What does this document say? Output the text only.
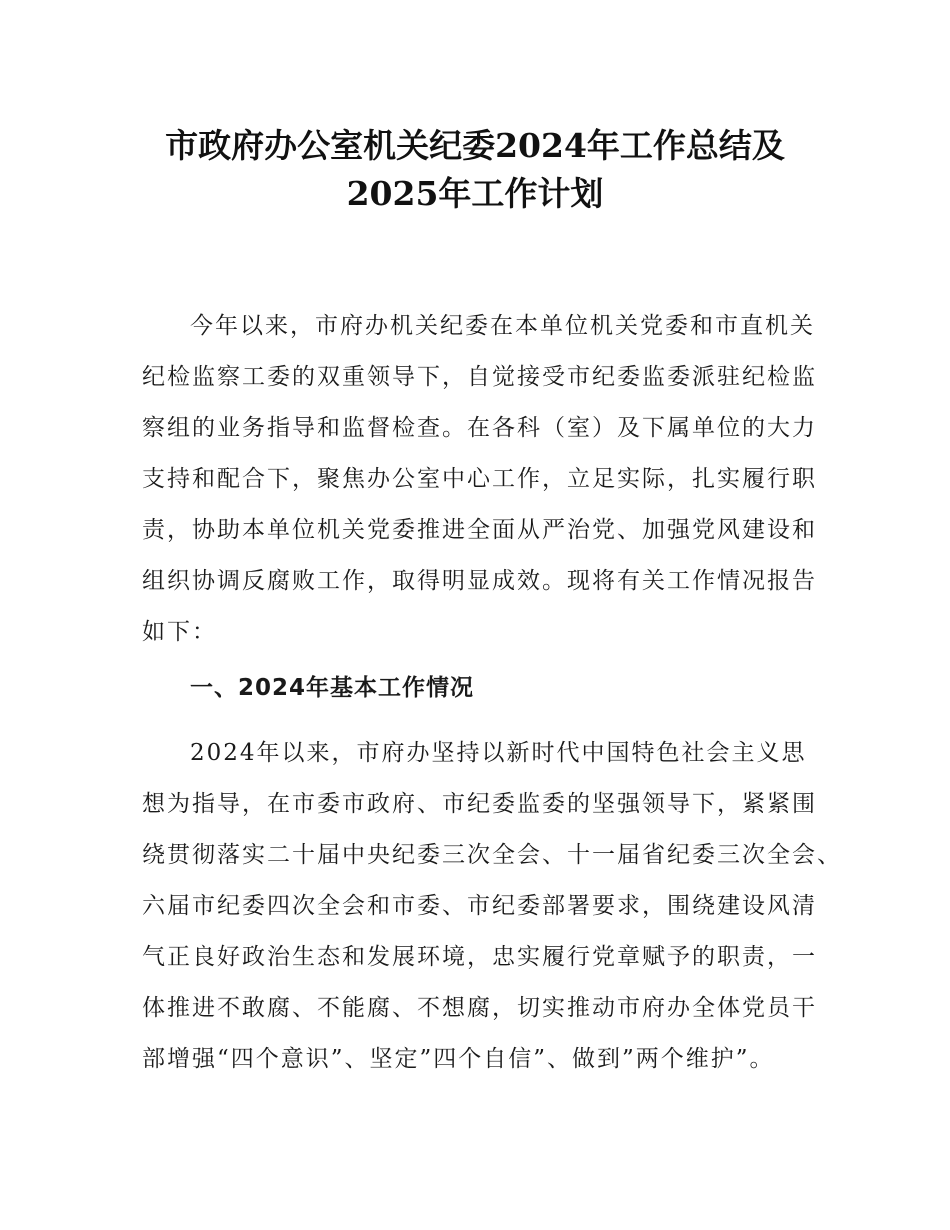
市政府办公室机关纪委2024年工作总结及
2025年工作计划
今年以来，市府办机关纪委在本单位机关党委和市直机关
纪检监察工委的双重领导下，自觉接受市纪委监委派驻纪检监
察组的业务指导和监督检查。在各科（室）及下属单位的大力
支持和配合下，聚焦办公室中心工作，立足实际，扎实履行职
责，协助本单位机关党委推进全面从严治党、加强党风建设和
组织协调反腐败工作，取得明显成效。现将有关工作情况报告
如下：
一、2024年基本工作情况
2024年以来，市府办坚持以新时代中国特色社会主义思
想为指导，在市委市政府、市纪委监委的坚强领导下，紧紧围
绕贯彻落实二十届中央纪委三次全会、十一届省纪委三次全会、
六届市纪委四次全会和市委、市纪委部署要求，围绕建设风清
气正良好政治生态和发展环境，忠实履行党章赋予的职责，一
体推进不敢腐、不能腐、不想腐，切实推动市府办全体党员干
部增强“四个意识”、坚定”四个自信”、做到”两个维护”。
